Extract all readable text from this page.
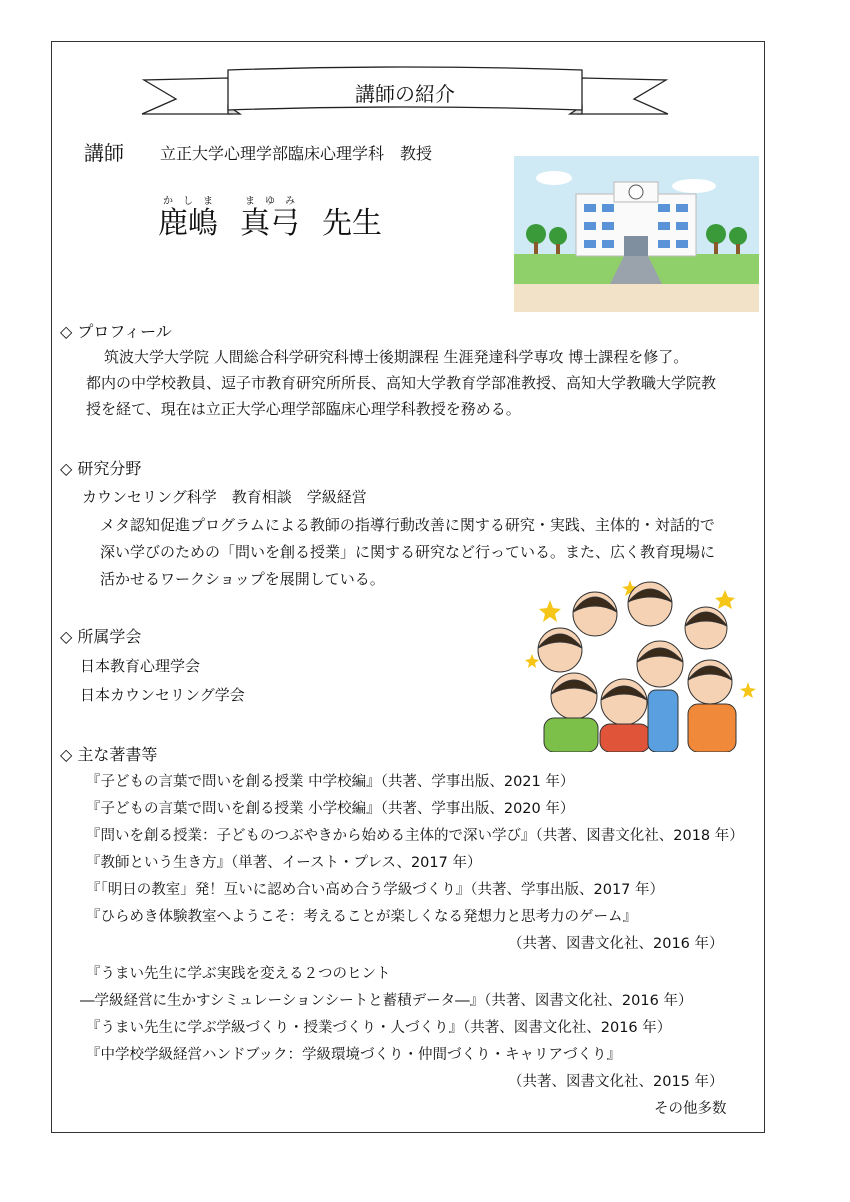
講師の紹介
講師 立正大学心理学部臨床心理学科　教授
鹿嶋かしま真弓まゆみ先生
◇ プロフィール
筑波大学大学院 人間総合科学研究科博士後期課程 生涯発達科学専攻 博士課程を修了。
都内の中学校教員、逗子市教育研究所所長、高知大学教育学部准教授、高知大学教職大学院教
授を経て、現在は立正大学心理学部臨床心理学科教授を務める。
◇ 研究分野
カウンセリング科学　教育相談　学級経営
メタ認知促進プログラムによる教師の指導行動改善に関する研究・実践、主体的・対話的で
深い学びのための「問いを創る授業」に関する研究など行っている。また、広く教育現場に
活かせるワークショップを展開している。
◇ 所属学会
日本教育心理学会
日本カウンセリング学会
◇ 主な著書等
『子どもの言葉で問いを創る授業 中学校編』（共著、学事出版、2021 年）
『子どもの言葉で問いを創る授業 小学校編』（共著、学事出版、2020 年）
『問いを創る授業：子どものつぶやきから始める主体的で深い学び』（共著、図書文化社、2018 年）
『教師という生き方』（単著、イースト・プレス、2017 年）
『「明日の教室」発！互いに認め合い高め合う学級づくり』（共著、学事出版、2017 年）
『ひらめき体験教室へようこそ：考えることが楽しくなる発想力と思考力のゲーム』
（共著、図書文化社、2016 年）
『うまい先生に学ぶ実践を変える２つのヒント
―学級経営に生かすシミュレーションシートと蓄積データ―』（共著、図書文化社、2016 年）
『うまい先生に学ぶ学級づくり・授業づくり・人づくり』（共著、図書文化社、2016 年）
『中学校学級経営ハンドブック：学級環境づくり・仲間づくり・キャリアづくり』
（共著、図書文化社、2015 年）
その他多数
